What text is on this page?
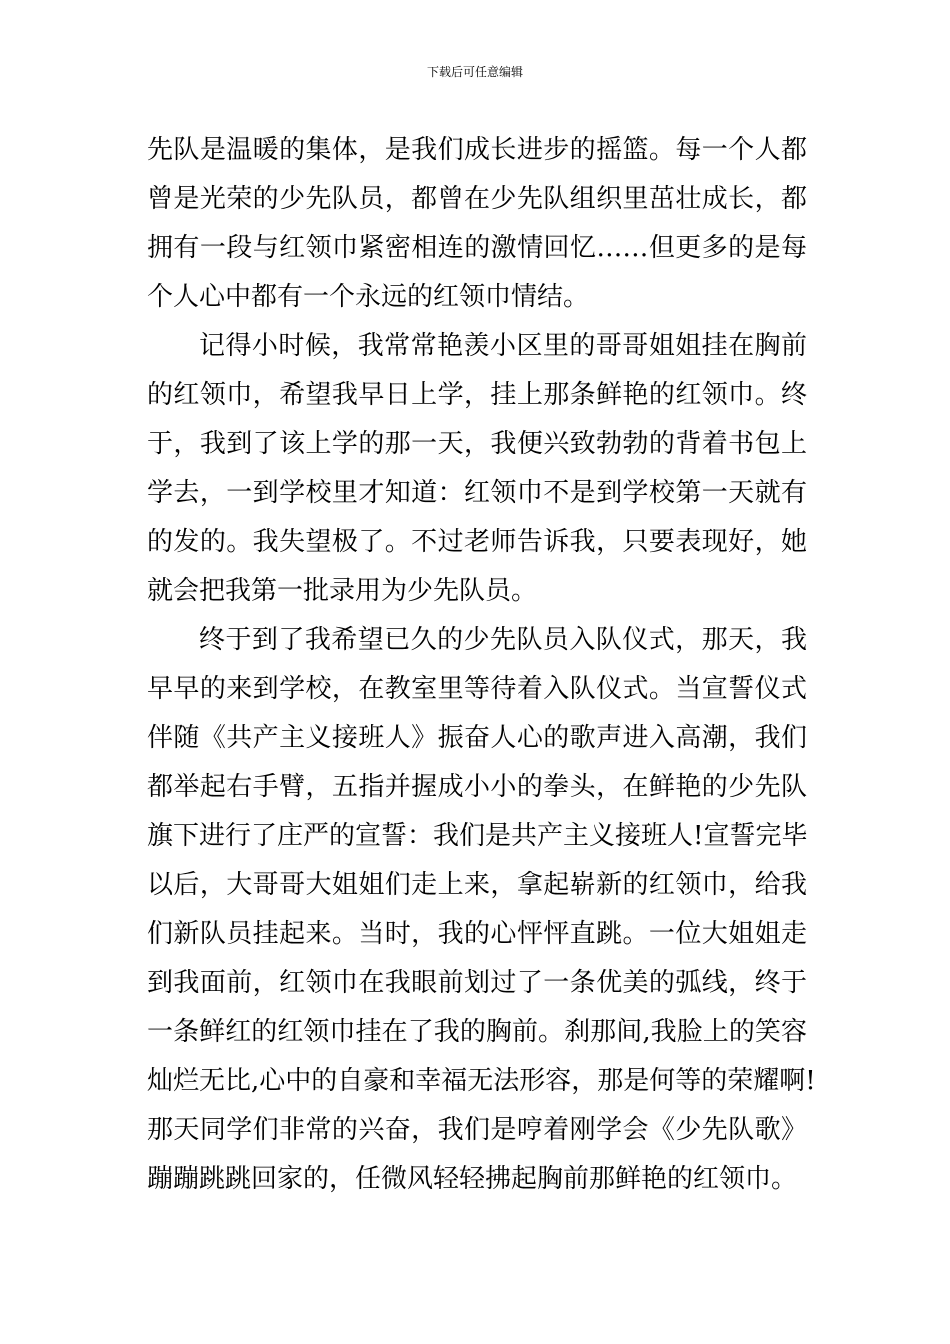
下载后可任意编辑
先队是温暖的集体，是我们成长进步的摇篮。每一个人都
曾是光荣的少先队员，都曾在少先队组织里茁壮成长，都
拥有一段与红领巾紧密相连的激情回忆……但更多的是每
个人心中都有一个永远的红领巾情结。
记得小时候，我常常艳羡小区里的哥哥姐姐挂在胸前
的红领巾，希望我早日上学，挂上那条鲜艳的红领巾。终
于，我到了该上学的那一天，我便兴致勃勃的背着书包上
学去，一到学校里才知道：红领巾不是到学校第一天就有
的发的。我失望极了。不过老师告诉我，只要表现好，她
就会把我第一批录用为少先队员。
终于到了我希望已久的少先队员入队仪式，那天，我
早早的来到学校，在教室里等待着入队仪式。当宣誓仪式
伴随《共产主义接班人》振奋人心的歌声进入高潮，我们
都举起右手臂，五指并握成小小的拳头，在鲜艳的少先队
旗下进行了庄严的宣誓：我们是共产主义接班人!宣誓完毕
以后，大哥哥大姐姐们走上来，拿起崭新的红领巾，给我
们新队员挂起来。当时，我的心怦怦直跳。一位大姐姐走
到我面前，红领巾在我眼前划过了一条优美的弧线，终于
一条鲜红的红领巾挂在了我的胸前。刹那间,我脸上的笑容
灿烂无比,心中的自豪和幸福无法形容，那是何等的荣耀啊!
那天同学们非常的兴奋，我们是哼着刚学会《少先队歌》
蹦蹦跳跳回家的，任微风轻轻拂起胸前那鲜艳的红领巾。
